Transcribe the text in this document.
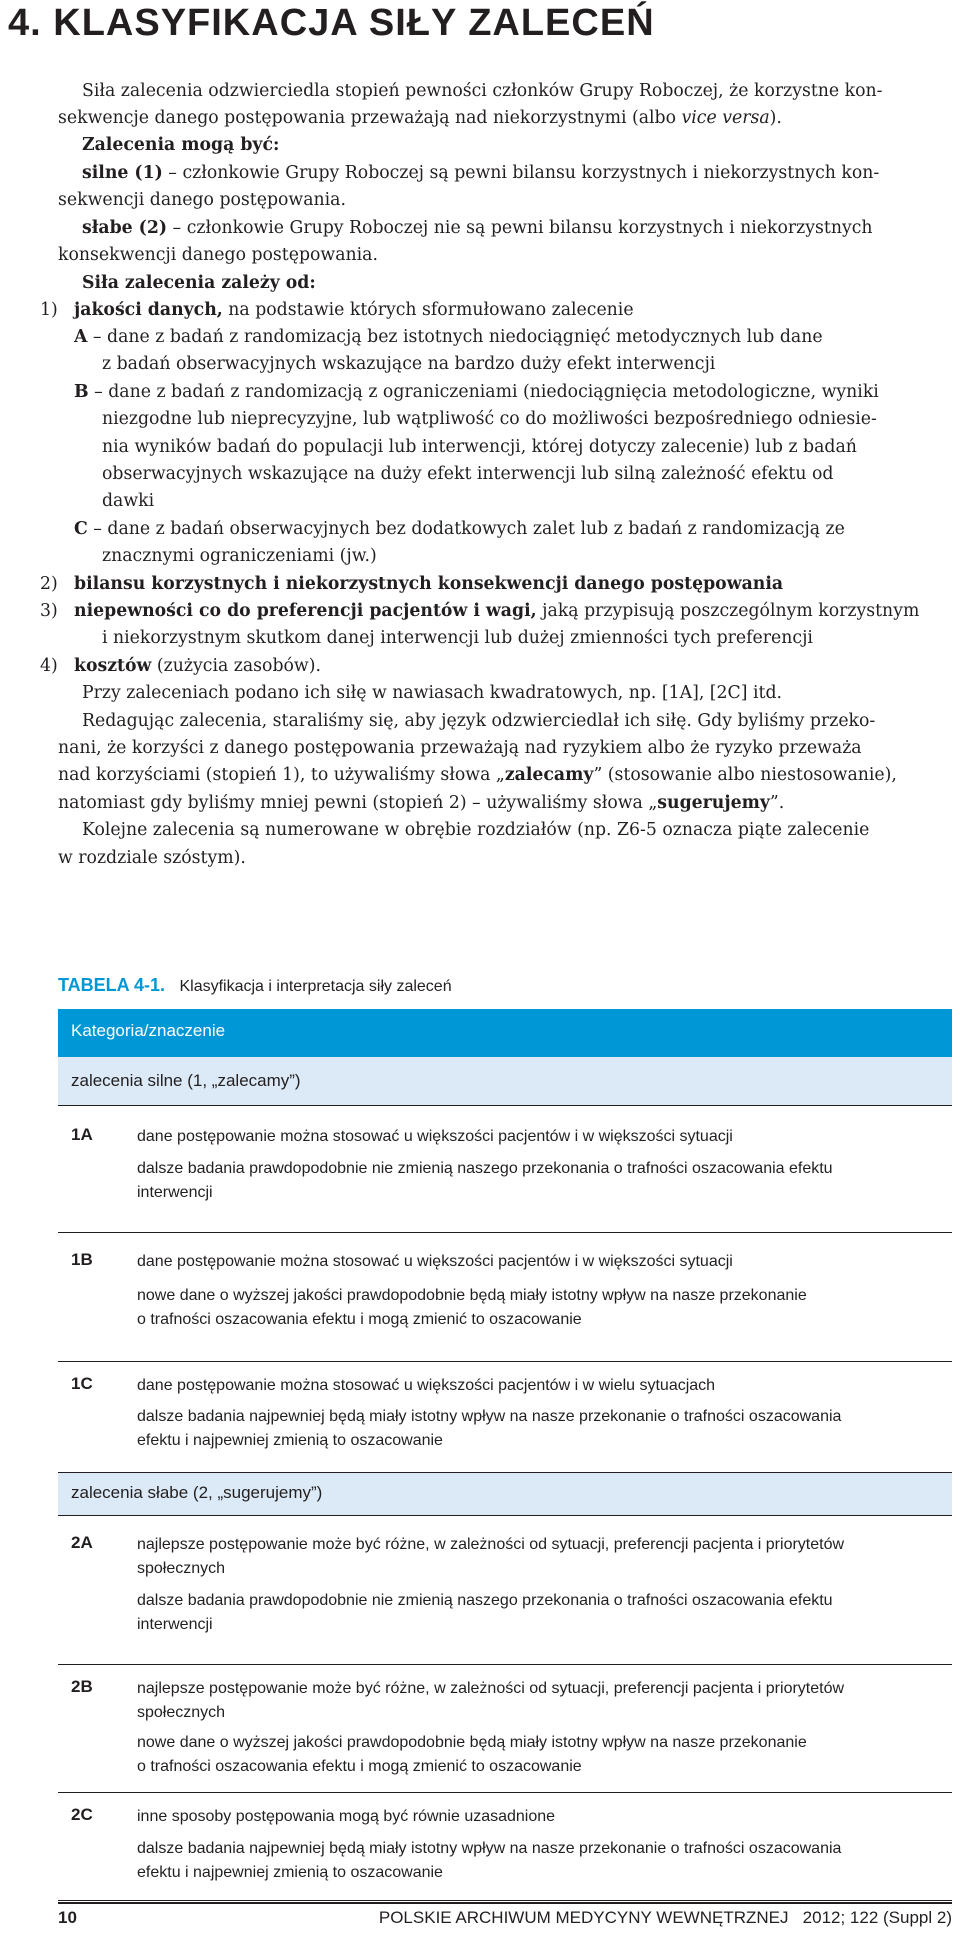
4. KLASYFIKACJA SIŁY ZALECEŃ
Siła zalecenia odzwierciedla stopień pewności członków Grupy Roboczej, że korzystne kon-
sekwencje danego postępowania przeważają nad niekorzystnymi (albo vice versa).
Zalecenia mogą być:
silne (1) – członkowie Grupy Roboczej są pewni bilansu korzystnych i niekorzystnych kon-
sekwencji danego postępowania.
słabe (2) – członkowie Grupy Roboczej nie są pewni bilansu korzystnych i niekorzystnych
konsekwencji danego postępowania.
Siła zalecenia zależy od:
1) jakości danych, na podstawie których sformułowano zalecenie
A – dane z badań z randomizacją bez istotnych niedociągnięć metodycznych lub dane
z badań obserwacyjnych wskazujące na bardzo duży efekt interwencji
B – dane z badań z randomizacją z ograniczeniami (niedociągnięcia metodologiczne, wyniki
niezgodne lub nieprecyzyjne, lub wątpliwość co do możliwości bezpośredniego odniesie-
nia wyników badań do populacji lub interwencji, której dotyczy zalecenie) lub z badań
obserwacyjnych wskazujące na duży efekt interwencji lub silną zależność efektu od
dawki
C – dane z badań obserwacyjnych bez dodatkowych zalet lub z badań z randomizacją ze
znacznymi ograniczeniami (jw.)
2) bilansu korzystnych i niekorzystnych konsekwencji danego postępowania
3) niepewności co do preferencji pacjentów i wagi, jaką przypisują poszczególnym korzystnym
i niekorzystnym skutkom danej interwencji lub dużej zmienności tych preferencji
4) kosztów (zużycia zasobów).
Przy zaleceniach podano ich siłę w nawiasach kwadratowych, np. [1A], [2C] itd.
Redagując zalecenia, staraliśmy się, aby język odzwierciedlał ich siłę. Gdy byliśmy przeko-
nani, że korzyści z danego postępowania przeważają nad ryzykiem albo że ryzyko przeważa
nad korzyściami (stopień 1), to używaliśmy słowa „zalecamy” (stosowanie albo niestosowanie),
natomiast gdy byliśmy mniej pewni (stopień 2) – używaliśmy słowa „sugerujemy”.
Kolejne zalecenia są numerowane w obrębie rozdziałów (np. Z6-5 oznacza piąte zalecenie
w rozdziale szóstym).
TABELA 4-1. Klasyfikacja i interpretacja siły zaleceń
Kategoria/znaczenie
zalecenia silne (1, „zalecamy”)
1A	dane postępowanie można stosować u większości pacjentów i w większości sytuacji
dalsze badania prawdopodobnie nie zmienią naszego przekonania o trafności oszacowania efektu
interwencji
1B	dane postępowanie można stosować u większości pacjentów i w większości sytuacji
nowe dane o wyższej jakości prawdopodobnie będą miały istotny wpływ na nasze przekonanie
o trafności oszacowania efektu i mogą zmienić to oszacowanie
1C	dane postępowanie można stosować u większości pacjentów i w wielu sytuacjach
dalsze badania najpewniej będą miały istotny wpływ na nasze przekonanie o trafności oszacowania
efektu i najpewniej zmienią to oszacowanie
zalecenia słabe (2, „sugerujemy”)
2A	najlepsze postępowanie może być różne, w zależności od sytuacji, preferencji pacjenta i priorytetów
społecznych
dalsze badania prawdopodobnie nie zmienią naszego przekonania o trafności oszacowania efektu
interwencji
2B	najlepsze postępowanie może być różne, w zależności od sytuacji, preferencji pacjenta i priorytetów
społecznych
nowe dane o wyższej jakości prawdopodobnie będą miały istotny wpływ na nasze przekonanie
o trafności oszacowania efektu i mogą zmienić to oszacowanie
2C	inne sposoby postępowania mogą być równie uzasadnione
dalsze badania najpewniej będą miały istotny wpływ na nasze przekonanie o trafności oszacowania
efektu i najpewniej zmienią to oszacowanie
10	POLSKIE ARCHIWUM MEDYCYNY WEWNĘTRZNEJ   2012; 122 (Suppl 2)
